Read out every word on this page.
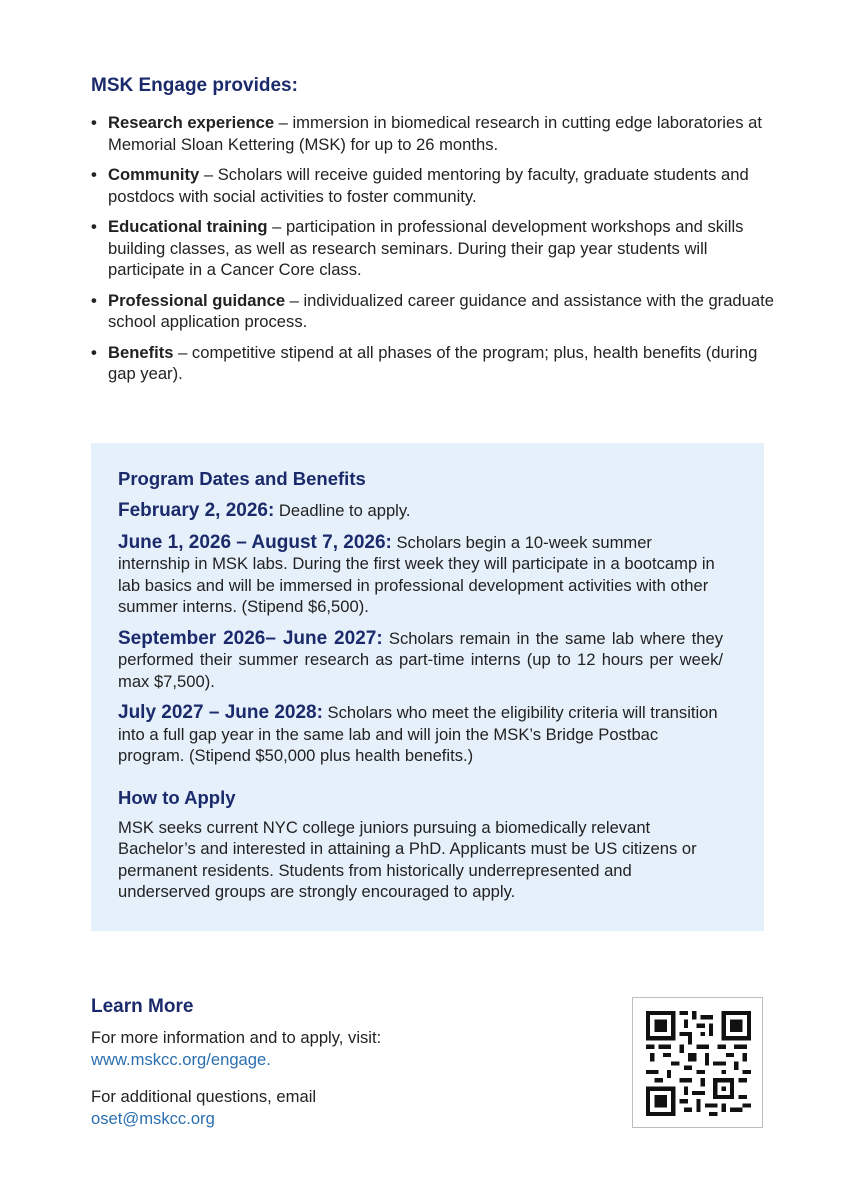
MSK Engage provides:
• Research experience – immersion in biomedical research in cutting edge laboratories at Memorial Sloan Kettering (MSK) for up to 26 months.
• Community – Scholars will receive guided mentoring by faculty, graduate students and postdocs with social activities to foster community.
• Educational training – participation in professional development workshops and skills building classes, as well as research seminars. During their gap year students will participate in a Cancer Core class.
• Professional guidance – individualized career guidance and assistance with the graduate school application process.
• Benefits – competitive stipend at all phases of the program; plus, health benefits (during gap year).
Program Dates and Benefits
February 2, 2026: Deadline to apply.
June 1, 2026 – August 7, 2026: Scholars begin a 10-week summer internship in MSK labs. During the first week they will participate in a bootcamp in lab basics and will be immersed in professional development activities with other summer interns. (Stipend $6,500).
September 2026– June 2027: Scholars remain in the same lab where they performed their summer research as part-time interns (up to 12 hours per week/ max $7,500).
July 2027 – June 2028: Scholars who meet the eligibility criteria will transition into a full gap year in the same lab and will join the MSK’s Bridge Postbac program. (Stipend $50,000 plus health benefits.)
How to Apply
MSK seeks current NYC college juniors pursuing a biomedically relevant Bachelor’s and interested in attaining a PhD. Applicants must be US citizens or permanent residents. Students from historically underrepresented and underserved groups are strongly encouraged to apply.
Learn More

For more information and to apply, visit:

www.mskcc.org/engage.

For additional questions, email

oset@mskcc.org
